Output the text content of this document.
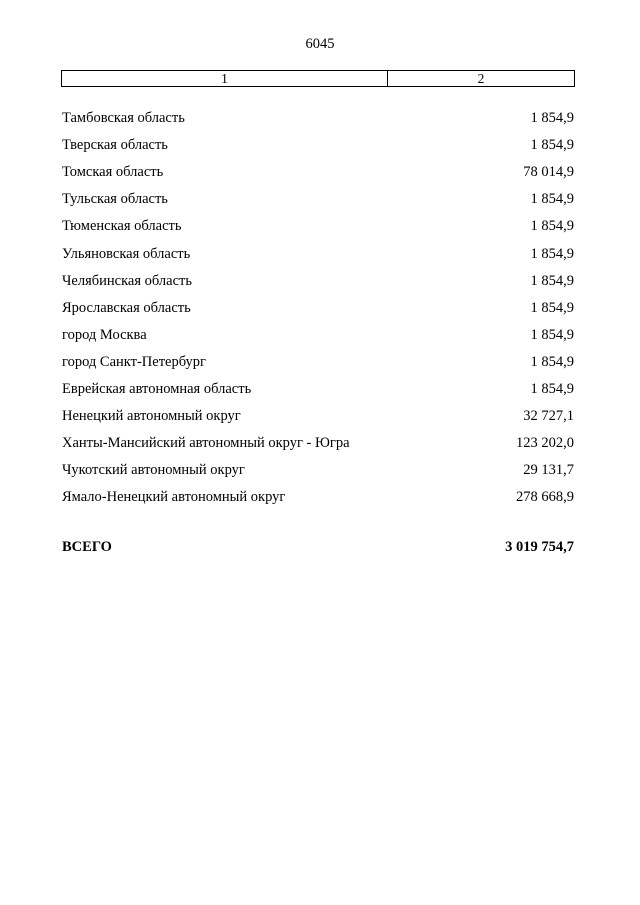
6045
1	2
Тамбовская область	1 854,9
Тверская область	1 854,9
Томская область	78 014,9
Тульская область	1 854,9
Тюменская область	1 854,9
Ульяновская область	1 854,9
Челябинская область	1 854,9
Ярославская область	1 854,9
город Москва	1 854,9
город Санкт-Петербург	1 854,9
Еврейская автономная область	1 854,9
Ненецкий автономный округ	32 727,1
Ханты-Мансийский автономный округ - Югра	123 202,0
Чукотский автономный округ	29 131,7
Ямало-Ненецкий автономный округ	278 668,9
ВСЕГО	3 019 754,7
